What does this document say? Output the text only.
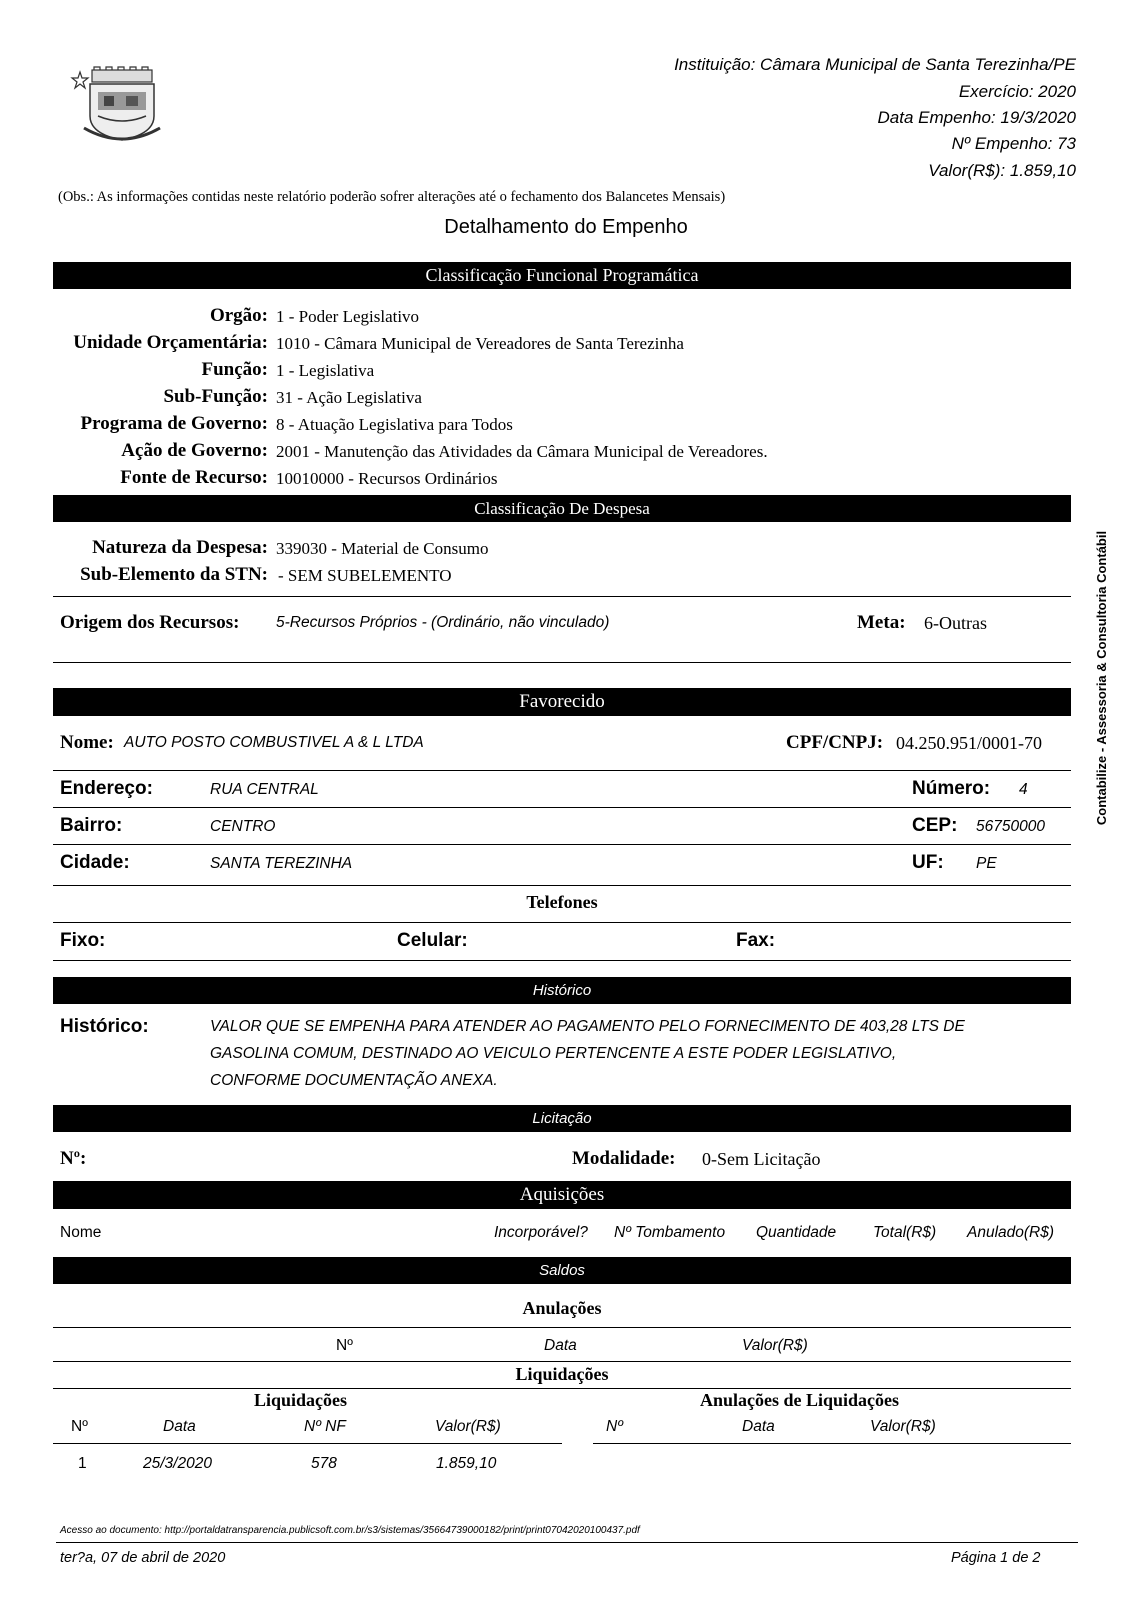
Instituição: Câmara Municipal de Santa Terezinha/PE
Exercício: 2020
Data Empenho: 19/3/2020
Nº Empenho: 73
Valor(R$): 1.859,10
(Obs.: As informações contidas neste relatório poderão sofrer alterações até o fechamento dos Balancetes Mensais)
Detalhamento do Empenho
Contabilize - Assessoria & Consultoria Contábil
Classificação Funcional Programática
Orgão: 1 - Poder Legislativo
Unidade Orçamentária: 1010 - Câmara Municipal de Vereadores de Santa Terezinha
Função: 1 - Legislativa
Sub-Função: 31 - Ação Legislativa
Programa de Governo: 8 - Atuação Legislativa para Todos
Ação de Governo: 2001 - Manutenção das Atividades da Câmara Municipal de Vereadores.
Fonte de Recurso: 10010000 - Recursos Ordinários
Classificação De Despesa
Natureza da Despesa: 339030 - Material de Consumo
Sub-Elemento da STN: - SEM SUBELEMENTO
Origem dos Recursos: 5-Recursos Próprios - (Ordinário, não vinculado)	Meta: 6-Outras
Favorecido
Nome: AUTO POSTO COMBUSTIVEL A & L LTDA	CPF/CNPJ: 04.250.951/0001-70
Endereço:	RUA CENTRAL	Número: 4
Bairro:	CENTRO	CEP: 56750000
Cidade:	SANTA TEREZINHA	UF: PE
Telefones
Fixo:	Celular:	Fax:
Histórico
Histórico:	VALOR QUE SE EMPENHA PARA ATENDER AO PAGAMENTO PELO FORNECIMENTO DE 403,28 LTS DE
GASOLINA COMUM, DESTINADO AO VEICULO PERTENCENTE A ESTE PODER LEGISLATIVO,
CONFORME DOCUMENTAÇÃO ANEXA.
Licitação
Nº:	Modalidade: 0-Sem Licitação
Aquisições
Nome	Incorporável? Nº Tombamento Quantidade Total(R$) Anulado(R$)
Saldos
Anulações
Nº	Data	Valor(R$)
Liquidações
Liquidações	Anulações de Liquidações
Nº	Data	Nº NF	Valor(R$)	Nº	Data	Valor(R$)
1	25/3/2020	578	1.859,10
Acesso ao documento: http://portaldatransparencia.publicsoft.com.br/s3/sistemas/35664739000182/print/print07042020100437.pdf
ter?a, 07 de abril de 2020	Página 1 de 2
